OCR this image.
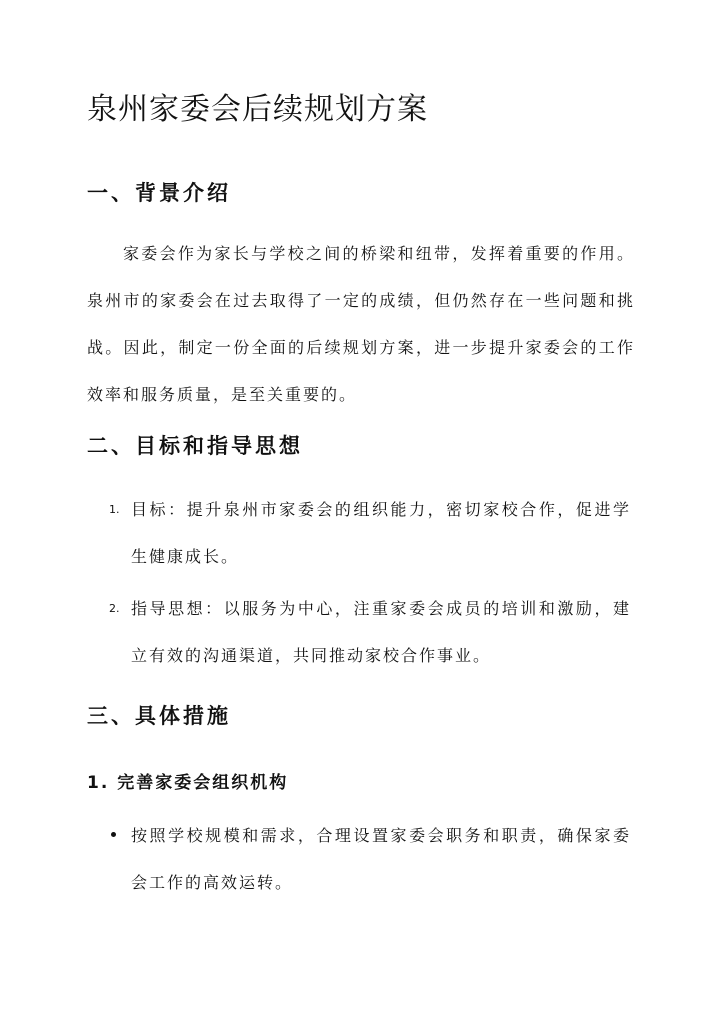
泉州家委会后续规划方案
一、背景介绍

家委会作为家长与学校之间的桥梁和纽带，发挥着重要的作用。泉州市的家委会在过去取得了一定的成绩，但仍然存在一些问题和挑战。因此，制定一份全面的后续规划方案，进一步提升家委会的工作效率和服务质量，是至关重要的。

二、目标和指导思想
1. 目标：提升泉州市家委会的组织能力，密切家校合作，促进学生健康成长。

2. 指导思想：以服务为中心，注重家委会成员的培训和激励，建立有效的沟通渠道，共同推动家校合作事业。

三、具体措施
1. 完善家委会组织机构

按照学校规模和需求，合理设置家委会职务和职责，确保家委会工作的高效运转。
